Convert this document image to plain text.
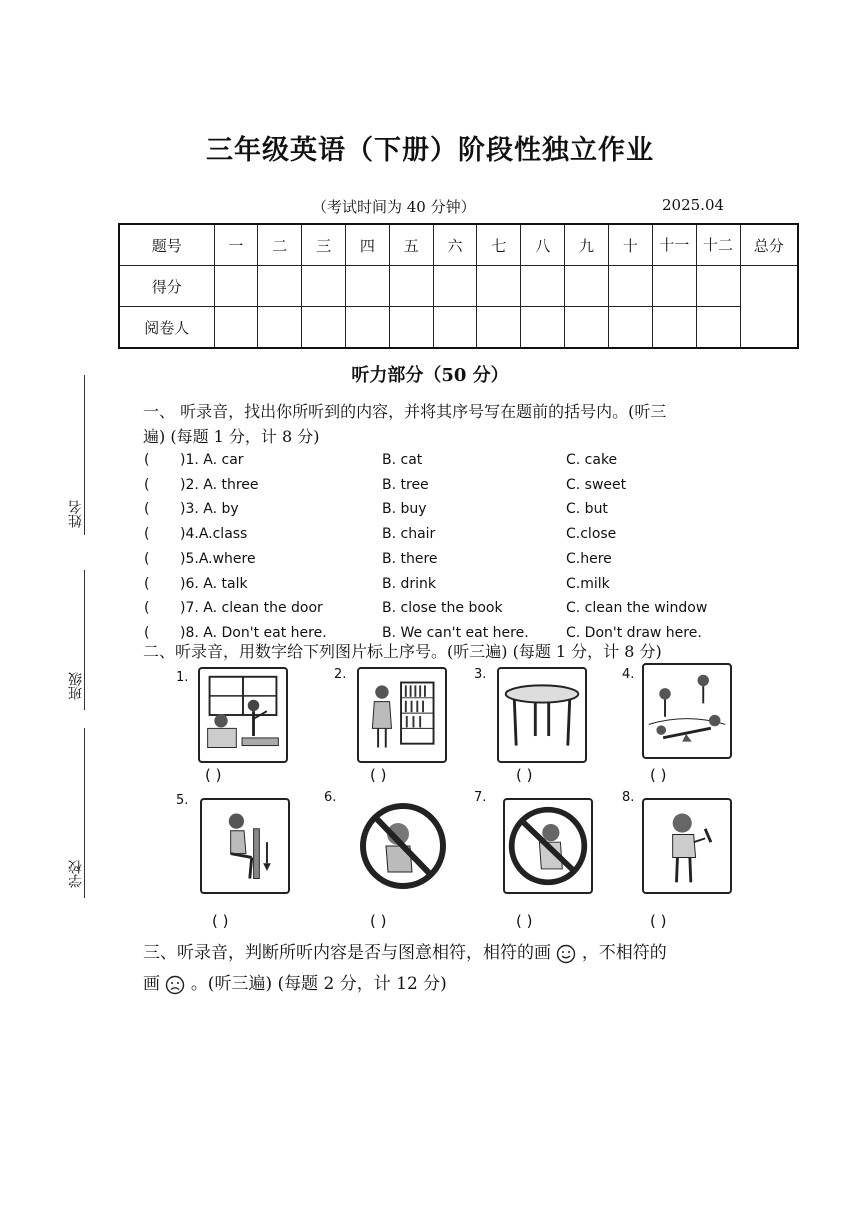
三年级英语（下册）阶段性独立作业
（考试时间为 40 分钟）	2025.04
题号	一	二	三	四	五	六	七	八	九	十	十一	十二	总分
得分													
阅卷人													
姓名
班级
学校
听力部分（50 分）
一、 听录音，找出你所听到的内容，并将其序号写在题前的括号内。(听三
遍) (每题 1 分，计 8 分)
( )1. A. car	B. cat	C. cake
( )2. A. three	B. tree	C. sweet
( )3. A. by	B. buy	C. but
( )4.A.class	B. chair	C.close
( )5.A.where	B. there	C.here
( )6. A. talk	B. drink	C.milk
( )7. A. clean the door	B. close the book	C. clean the window
( )8. A. Don't eat here.	B. We can't eat here.	C. Don't draw here.
二、听录音，用数字给下列图片标上序号。(听三遍) (每题 1 分，计 8 分)
1.	2.	3.	4.
5.	6.	7.	8.
( )	( )	( )	( )
( )	( )	( )	( )
三、听录音，判断所听内容是否与图意相符，相符的画 ，不相符的
画 。(听三遍) (每题 2 分，计 12 分)
